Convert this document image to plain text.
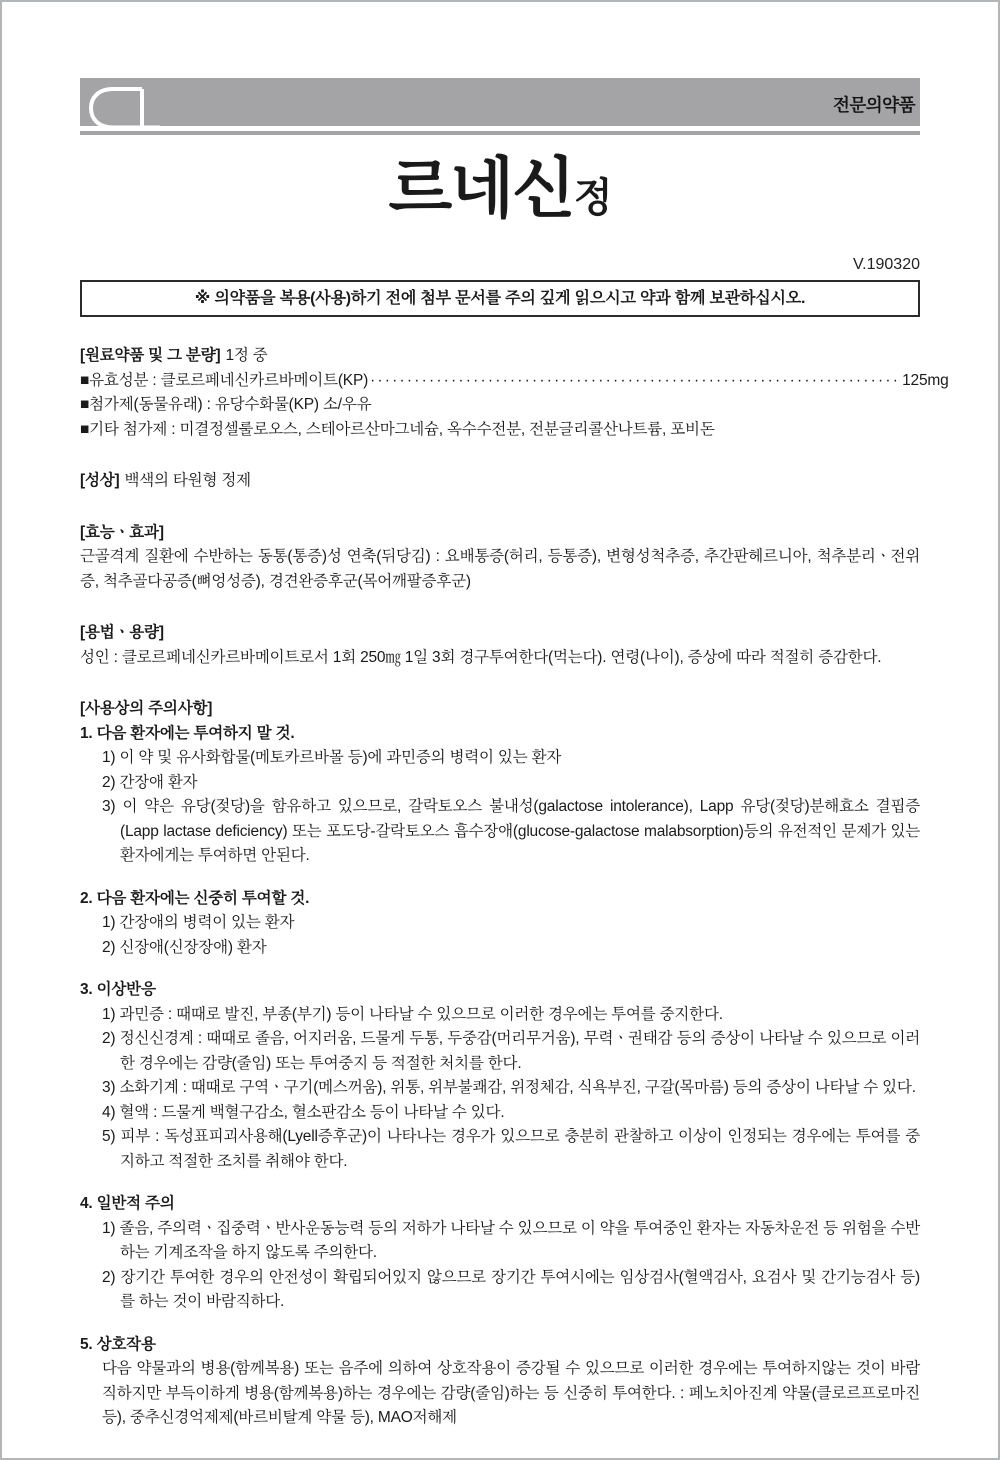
전문의약품
르네신정
V.190320
※ 의약품을 복용(사용)하기 전에 첨부 문서를 주의 깊게 읽으시고 약과 함께 보관하십시오.
[원료약품 및 그 분량] 1정 중
■유효성분 : 클로르페네신카르바메이트(KP) ········································································ 125mg
■첨가제(동물유래) : 유당수화물(KP) 소/우유
■기타 첨가제 : 미결정셀룰로오스, 스테아르산마그네슘, 옥수수전분, 전분글리콜산나트륨, 포비돈
[성상] 백색의 타원형 정제
[효능ㆍ효과]
근골격계 질환에 수반하는 동통(통증)성 연축(뒤당김) : 요배통증(허리, 등통증), 변형성척추증, 추간판헤르니아, 척추분리ㆍ전위증, 척추골다공증(뼈엉성증), 경견완증후군(목어깨팔증후군)
[용법ㆍ용량]
성인 : 클로르페네신카르바메이트로서 1회 250㎎ 1일 3회 경구투여한다(먹는다). 연령(나이), 증상에 따라 적절히 증감한다.
[사용상의 주의사항]
1. 다음 환자에는 투여하지 말 것.
1) 이 약 및 유사화합물(메토카르바몰 등)에 과민증의 병력이 있는 환자
2) 간장애 환자
3) 이 약은 유당(젖당)을 함유하고 있으므로, 갈락토오스 불내성(galactose intolerance), Lapp 유당(젖당)분해효소 결핍증(Lapp lactase deficiency) 또는 포도당-갈락토오스 흡수장애(glucose-galactose malabsorption)등의 유전적인 문제가 있는 환자에게는 투여하면 안된다.
2. 다음 환자에는 신중히 투여할 것.
1) 간장애의 병력이 있는 환자
2) 신장애(신장장애) 환자
3. 이상반응
1) 과민증 : 때때로 발진, 부종(부기) 등이 나타날 수 있으므로 이러한 경우에는 투여를 중지한다.
2) 정신신경계 : 때때로 졸음, 어지러움, 드물게 두통, 두중감(머리무거움), 무력ㆍ권태감 등의 증상이 나타날 수 있으므로 이러한 경우에는 감량(줄임) 또는 투여중지 등 적절한 처치를 한다.
3) 소화기계 : 때때로 구역ㆍ구기(메스꺼움), 위통, 위부불쾌감, 위정체감, 식욕부진, 구갈(목마름) 등의 증상이 나타날 수 있다.
4) 혈액 : 드물게 백혈구감소, 혈소판감소 등이 나타날 수 있다.
5) 피부 : 독성표피괴사용해(Lyell증후군)이 나타나는 경우가 있으므로 충분히 관찰하고 이상이 인정되는 경우에는 투여를 중지하고 적절한 조치를 취해야 한다.
4. 일반적 주의
1) 졸음, 주의력ㆍ집중력ㆍ반사운동능력 등의 저하가 나타날 수 있으므로 이 약을 투여중인 환자는 자동차운전 등 위험을 수반하는 기계조작을 하지 않도록 주의한다.
2) 장기간 투여한 경우의 안전성이 확립되어있지 않으므로 장기간 투여시에는 임상검사(혈액검사, 요검사 및 간기능검사 등)를 하는 것이 바람직하다.
5. 상호작용
다음 약물과의 병용(함께복용) 또는 음주에 의하여 상호작용이 증강될 수 있으므로 이러한 경우에는 투여하지않는 것이 바람직하지만 부득이하게 병용(함께복용)하는 경우에는 감량(줄임)하는 등 신중히 투여한다. : 페노치아진계 약물(클로르프로마진 등), 중추신경억제제(바르비탈계 약물 등), MAO저해제
